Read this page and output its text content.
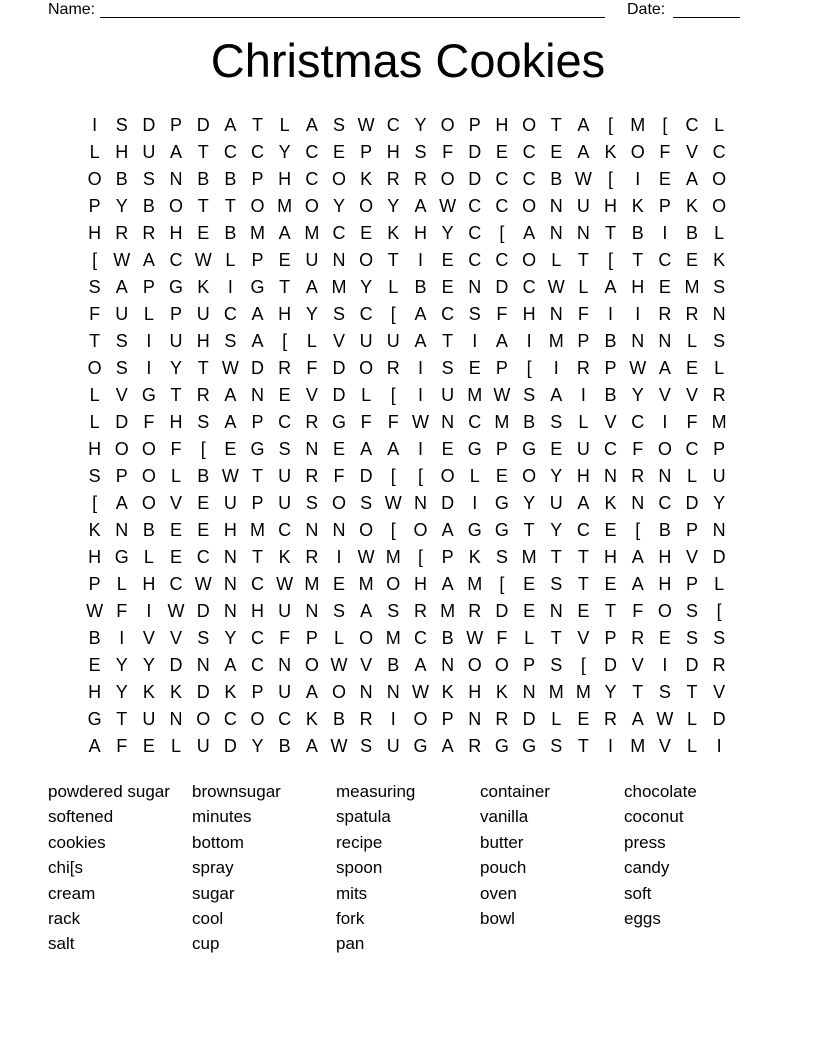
Name:	Date:
Christmas Cookies
I	S D P D A T L A S W C Y O P H O T A	[ M [	C L
L H U A T C C Y C E P H S F D E C E A K O F V C
O B S N B B P H C O K R R O D C C B W [	I	E A O
P Y B O T T O M O Y O Y A W C C O N U H K P K O
H R R H E B M A M C E K H Y C	[	A N N T B	I	B L
[ W A C W L P E U N O T	I	E C C O L T	[	T C E K
S A P G K	I G T A M Y L B E N D C W L A H E M S
F U L P U C A H Y S C	[	A C S F H N F	I	I	R R N
T S	I	U H S A	[	L V U U A T	I	A	I M P B N N L S
O S	I	Y T W D R F D O R	I	S E P	[	I	R P W A E L
L V G T R A N E V D L	[	I	U M W S A	I	B Y V V R
L D F H S A P C R G F F W N C M B S L V C	I	F M
H O O F	[	E G S N E A A	I	E G P G E U C F O C P
S P O L B W T U R F D	[	[ O L E O Y H N R N L U
[	A O V E U P U S O S W N D	I G Y U A K N C D Y
K N B E E H M C N N O [ O A G G T Y C E	[	B P N
H G L E C N T K R	I W M [	P K S M T T H A H V D
P L H C W N C W M E M O H A M [	E S T E A H P L
W F	I W D N H U N S A S R M R D E N E T F O S	[
B	I	V V S Y C F P L O M C B W F L T V P R E S S
E Y Y D N A C N O W V B A N O O P S	[	D V	I	D R
H Y K K D K P U A O N N W K H K N M M Y T S T V
G T U N O C O C K B R	I O P N R D L E R A W L D
A F E L U D Y B A W S U G A R G G S T	I M V L	I
powdered sugar
softened
cookies
chi[s
cream
rack
salt
brownsugar
minutes
bottom
spray
sugar
cool
cup
measuring
spatula
recipe
spoon
mits
fork
pan
container
vanilla
butter
pouch
oven
bowl
chocolate
coconut
press
candy
soft
eggs
